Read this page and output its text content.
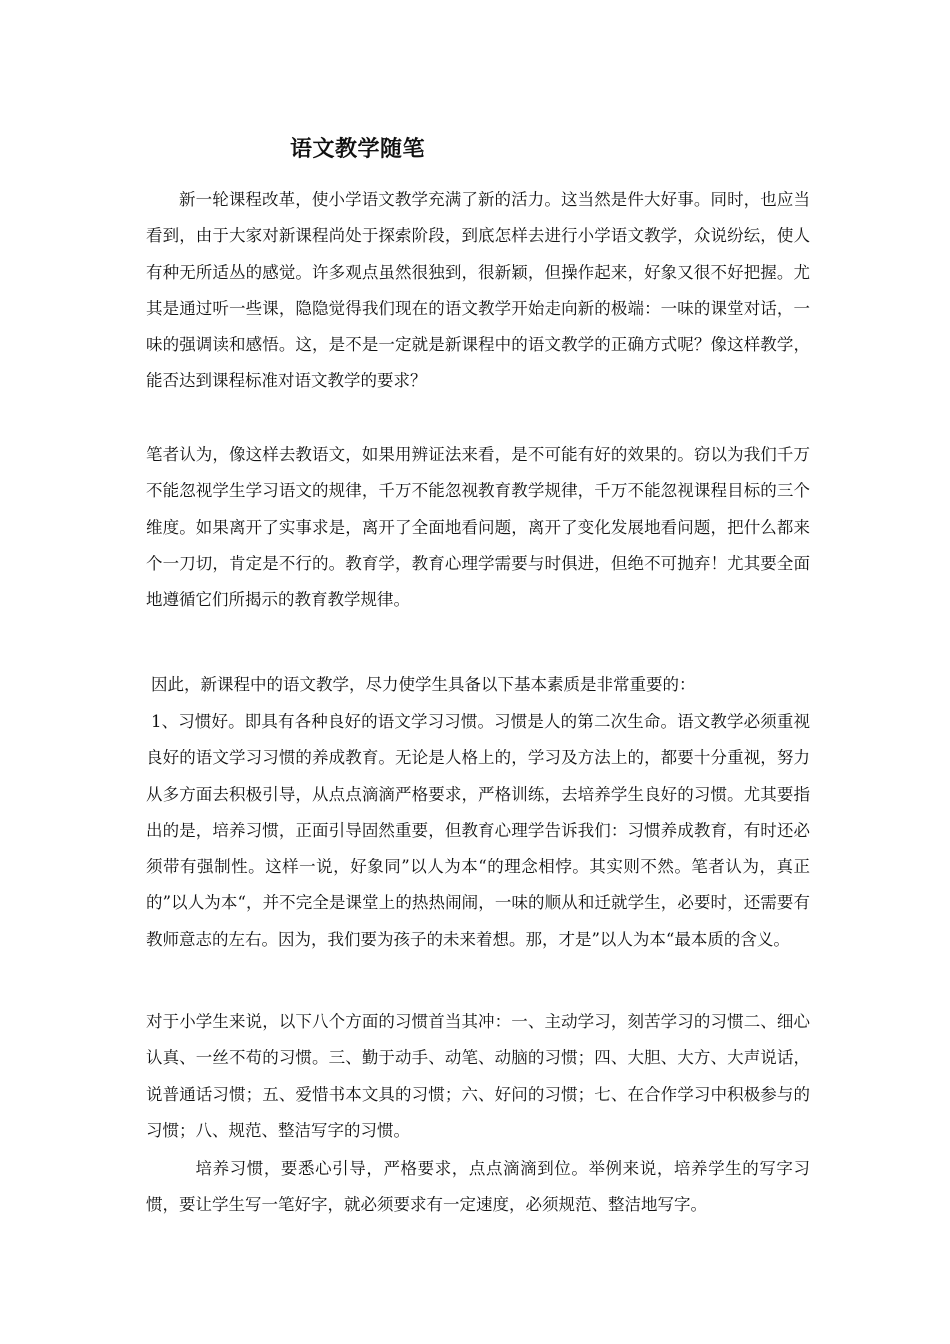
语文教学随笔

新一轮课程改革，使小学语文教学充满了新的活力。这当然是件大好事。同时，也应当看到，由于大家对新课程尚处于探索阶段，到底怎样去进行小学语文教学，众说纷纭，使人有种无所适丛的感觉。许多观点虽然很独到，很新颖，但操作起来，好象又很不好把握。尤其是通过听一些课，隐隐觉得我们现在的语文教学开始走向新的极端：一味的课堂对话，一味的强调读和感悟。这，是不是一定就是新课程中的语文教学的正确方式呢？像这样教学，能否达到课程标准对语文教学的要求？

笔者认为，像这样去教语文，如果用辨证法来看，是不可能有好的效果的。窃以为我们千万不能忽视学生学习语文的规律，千万不能忽视教育教学规律，千万不能忽视课程目标的三个维度。如果离开了实事求是，离开了全面地看问题，离开了变化发展地看问题，把什么都来个一刀切，肯定是不行的。教育学，教育心理学需要与时俱进，但绝不可抛弃！尤其要全面地遵循它们所揭示的教育教学规律。

因此，新课程中的语文教学，尽力使学生具备以下基本素质是非常重要的：

1、习惯好。即具有各种良好的语文学习习惯。习惯是人的第二次生命。语文教学必须重视良好的语文学习习惯的养成教育。无论是人格上的，学习及方法上的，都要十分重视，努力从多方面去积极引导，从点点滴滴严格要求，严格训练，去培养学生良好的习惯。尤其要指出的是，培养习惯，正面引导固然重要，但教育心理学告诉我们：习惯养成教育，有时还必须带有强制性。这样一说，好象同”以人为本“的理念相悖。其实则不然。笔者认为，真正的”以人为本“，并不完全是课堂上的热热闹闹，一味的顺从和迁就学生，必要时，还需要有教师意志的左右。因为，我们要为孩子的未来着想。那，才是”以人为本“最本质的含义。

对于小学生来说，以下八个方面的习惯首当其冲：一、主动学习，刻苦学习的习惯二、细心认真、一丝不苟的习惯。三、勤于动手、动笔、动脑的习惯；四、大胆、大方、大声说话，说普通话习惯；五、爱惜书本文具的习惯；六、好问的习惯；七、在合作学习中积极参与的习惯；八、规范、整洁写字的习惯。

培养习惯，要悉心引导，严格要求，点点滴滴到位。举例来说，培养学生的写字习惯，要让学生写一笔好字，就必须要求有一定速度，必须规范、整洁地写字。
